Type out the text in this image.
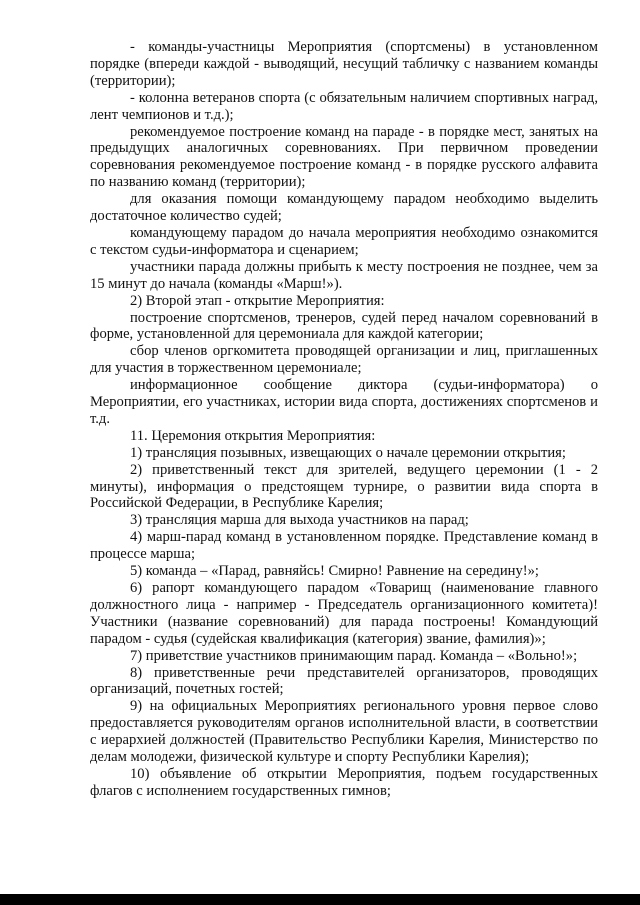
- команды-участницы Мероприятия (спортсмены) в установленном порядке (впереди каждой - выводящий, несущий табличку с названием команды (территории);

- колонна ветеранов спорта (с обязательным наличием спортивных наград, лент чемпионов и т.д.);

рекомендуемое построение команд на параде - в порядке мест, занятых на предыдущих аналогичных соревнованиях. При первичном проведении соревнования рекомендуемое построение команд - в порядке русского алфавита по названию команд (территории);

для оказания помощи командующему парадом необходимо выделить достаточное количество судей;

командующему парадом до начала мероприятия необходимо ознакомится с текстом судьи-информатора и сценарием;

участники парада должны прибыть к месту построения не позднее, чем за 15 минут до начала (команды «Марш!»).

2) Второй этап - открытие Мероприятия:

построение спортсменов, тренеров, судей перед началом соревнований в форме, установленной для церемониала для каждой категории;

сбор членов оргкомитета проводящей организации и лиц, приглашенных для участия в торжественном церемониале;

информационное сообщение диктора (судьи-информатора) о Мероприятии, его участниках, истории вида спорта, достижениях спортсменов и т.д.

11. Церемония открытия Мероприятия:

1) трансляция позывных, извещающих о начале церемонии открытия;

2) приветственный текст для зрителей, ведущего церемонии (1 - 2 минуты), информация о предстоящем турнире, о развитии вида спорта в Российской Федерации, в Республике Карелия;

3) трансляция марша для выхода участников на парад;

4) марш-парад команд в установленном порядке. Представление команд в процессе марша;

5) команда – «Парад, равняйсь! Смирно! Равнение на середину!»;

6) рапорт командующего парадом «Товарищ (наименование главного должностного лица - например - Председатель организационного комитета)! Участники (название соревнований) для парада построены! Командующий парадом - судья (судейская квалификация (категория) звание, фамилия)»;

7) приветствие участников принимающим парад. Команда – «Вольно!»;

8) приветственные речи представителей организаторов, проводящих организаций, почетных гостей;

9) на официальных Мероприятиях регионального уровня первое слово предоставляется руководителям органов исполнительной власти, в соответствии с иерархией должностей (Правительство Республики Карелия, Министерство по делам молодежи, физической культуре и спорту Республики Карелия);

10) объявление об открытии Мероприятия, подъем государственных флагов с исполнением государственных гимнов;
